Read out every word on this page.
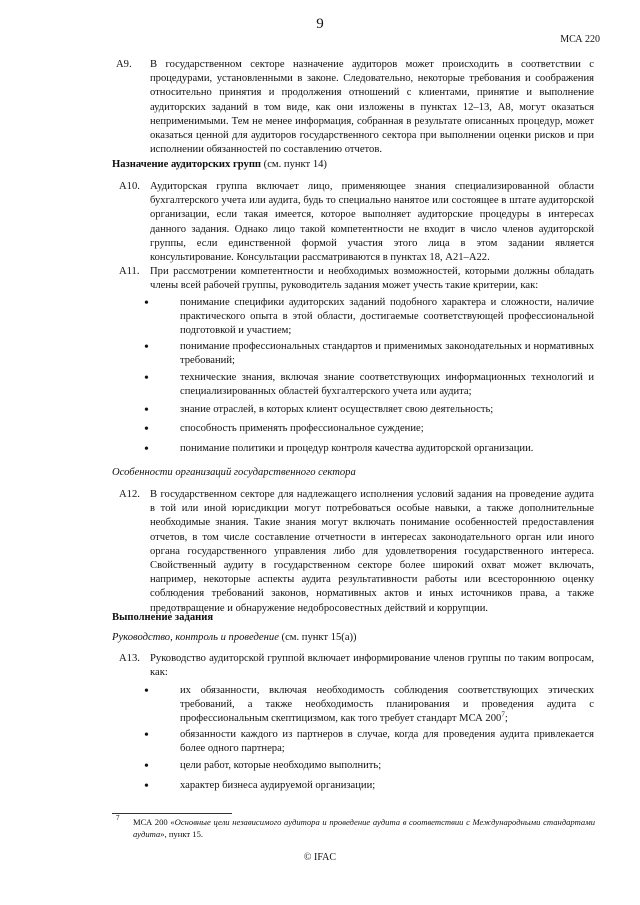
9
МСА 220
A9. В государственном секторе назначение аудиторов может происходить в соответствии с процедурами, установленными в законе. Следовательно, некоторые требования и соображения относительно принятия и продолжения отношений с клиентами, принятие и выполнение аудиторских заданий в том виде, как они изложены в пунктах 12–13, A8, могут оказаться неприменимыми. Тем не менее информация, собранная в результате описанных процедур, может оказаться ценной для аудиторов государственного сектора при выполнении оценки рисков и при исполнении обязанностей по составлению отчетов.
Назначение аудиторских групп (см. пункт 14)
A10. Аудиторская группа включает лицо, применяющее знания специализированной области бухгалтерского учета или аудита, будь то специально нанятое или состоящее в штате аудиторской организации, если такая имеется, которое выполняет аудиторские процедуры в интересах данного задания. Однако лицо такой компетентности не входит в число членов аудиторской группы, если единственной формой участия этого лица в этом задании является консультирование. Консультации рассматриваются в пунктах 18, A21–A22.
A11. При рассмотрении компетентности и необходимых возможностей, которыми должны обладать члены всей рабочей группы, руководитель задания может учесть такие критерии, как:
•	понимание специфики аудиторских заданий подобного характера и сложности, наличие практического опыта в этой области, достигаемые соответствующей профессиональной подготовкой и участием;
•	понимание профессиональных стандартов и применимых законодательных и нормативных требований;
•	технические знания, включая знание соответствующих информационных технологий и специализированных областей бухгалтерского учета или аудита;
•	знание отраслей, в которых клиент осуществляет свою деятельность;
•	способность применять профессиональное суждение;
•	понимание политики и процедур контроля качества аудиторской организации.
Особенности организаций государственного сектора
A12. В государственном секторе для надлежащего исполнения условий задания на проведение аудита в той или иной юрисдикции могут потребоваться особые навыки, а также дополнительные необходимые знания. Такие знания могут включать понимание особенностей предоставления отчетов, в том числе составление отчетности в интересах законодательного орган или иного органа государственного управления либо для удовлетворения государственного интереса. Свойственный аудиту в государственном секторе более широкий охват может включать, например, некоторые аспекты аудита результативности работы или всестороннюю оценку соблюдения требований законов, нормативных актов и иных источников права, а также предотвращение и обнаружение недобросовестных действий и коррупции.
Выполнение задания
Руководство, контроль и проведение (см. пункт 15(a))
A13. Руководство аудиторской группой включает информирование членов группы по таким вопросам, как:
•	их обязанности, включая необходимость соблюдения соответствующих этических требований, а также необходимость планирования и проведения аудита с профессиональным скептицизмом, как того требует стандарт МСА $200^7$;
•	обязанности каждого из партнеров в случае, когда для проведения аудита привлекается более одного партнера;
•	цели работ, которые необходимо выполнить;
•	характер бизнеса аудируемой организации;
7 МСА 200 «Основные цели независимого аудитора и проведение аудита в соответствии с Международными стандартами аудита», пункт 15.
© IFAC
